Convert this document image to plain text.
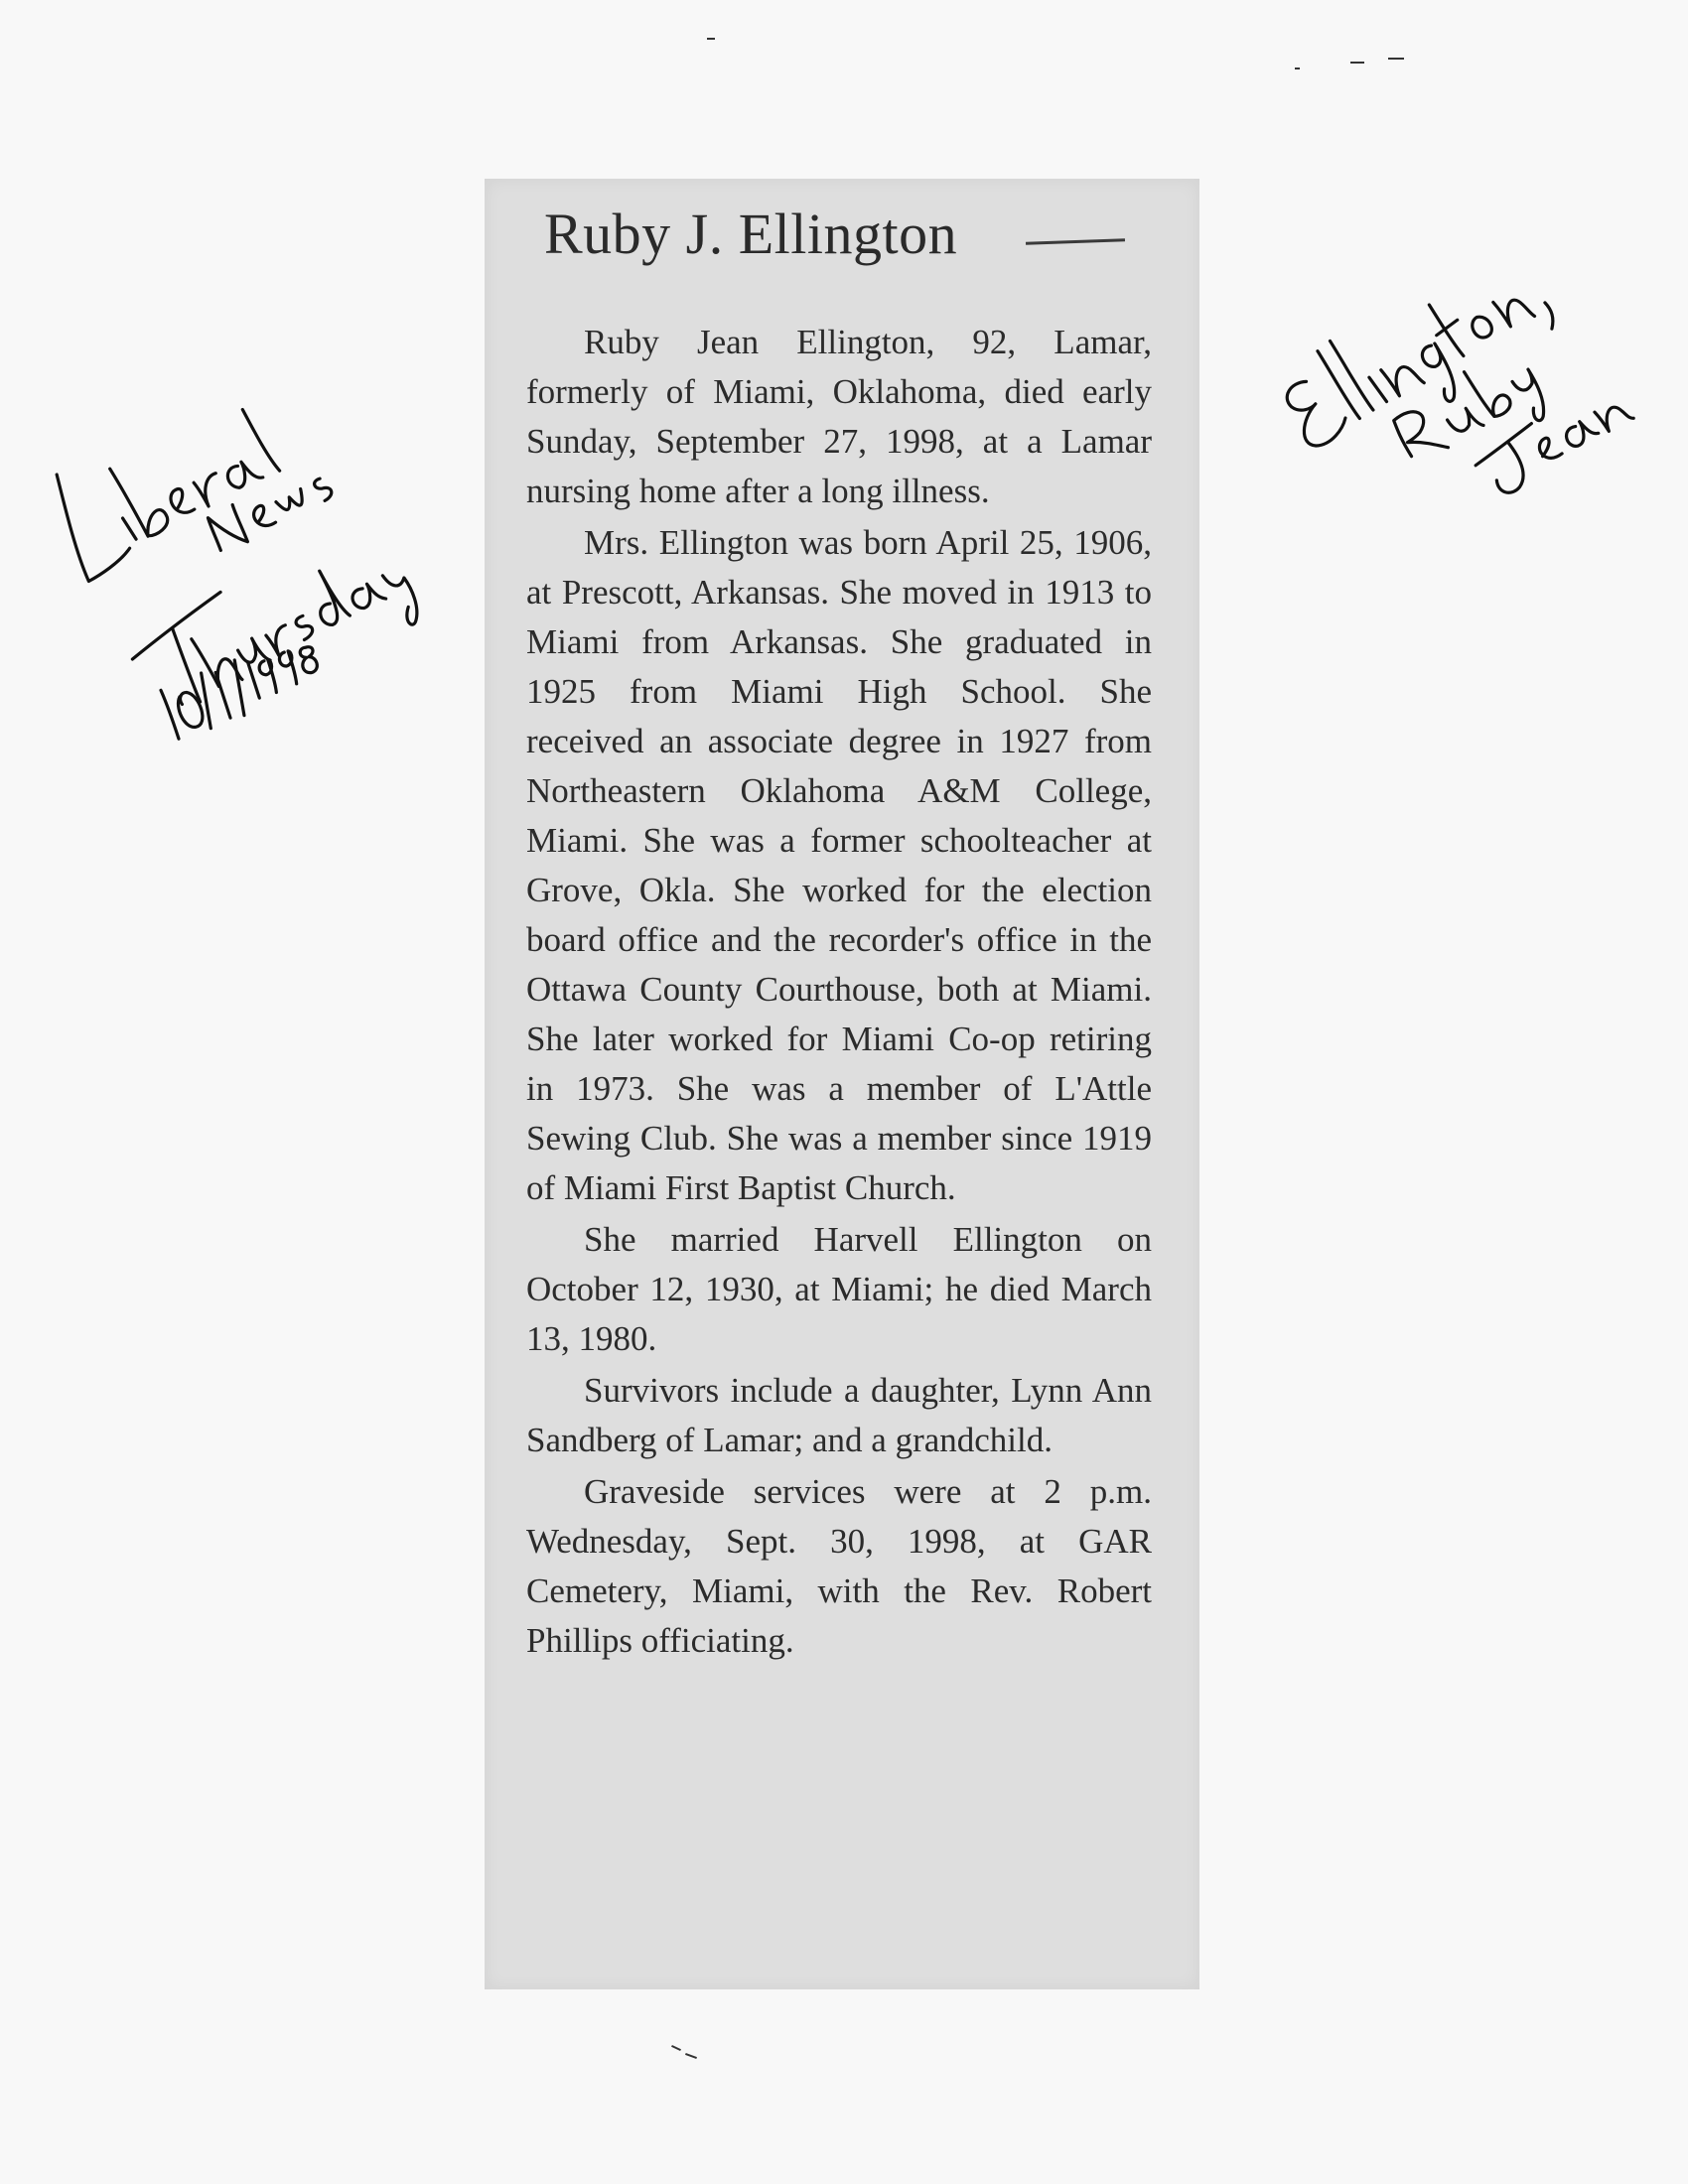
Ruby J. Ellington

Ruby Jean Ellington, 92, Lamar, formerly of Miami, Oklahoma, died early Sunday, September 27, 1998, at a Lamar nursing home after a long illness.

Mrs. Ellington was born April 25, 1906, at Prescott, Arkansas. She moved in 1913 to Miami from Arkansas. She graduated in 1925 from Miami High School. She received an associate degree in 1927 from Northeastern Oklahoma A&M College, Miami. She was a former schoolteacher at Grove, Okla. She worked for the election board office and the recorder's office in the Ottawa County Courthouse, both at Miami. She later worked for Miami Co-op retiring in 1973. She was a member of L'Attle Sewing Club. She was a member since 1919 of Miami First Baptist Church.

She married Harvell Ellington on October 12, 1930, at Miami; he died March 13, 1980.

Survivors include a daughter, Lynn Ann Sandberg of Lamar; and a grandchild.

Graveside services were at 2 p.m. Wednesday, Sept. 30, 1998, at GAR Cemetery, Miami, with the Rev. Robert Phillips officiating.
